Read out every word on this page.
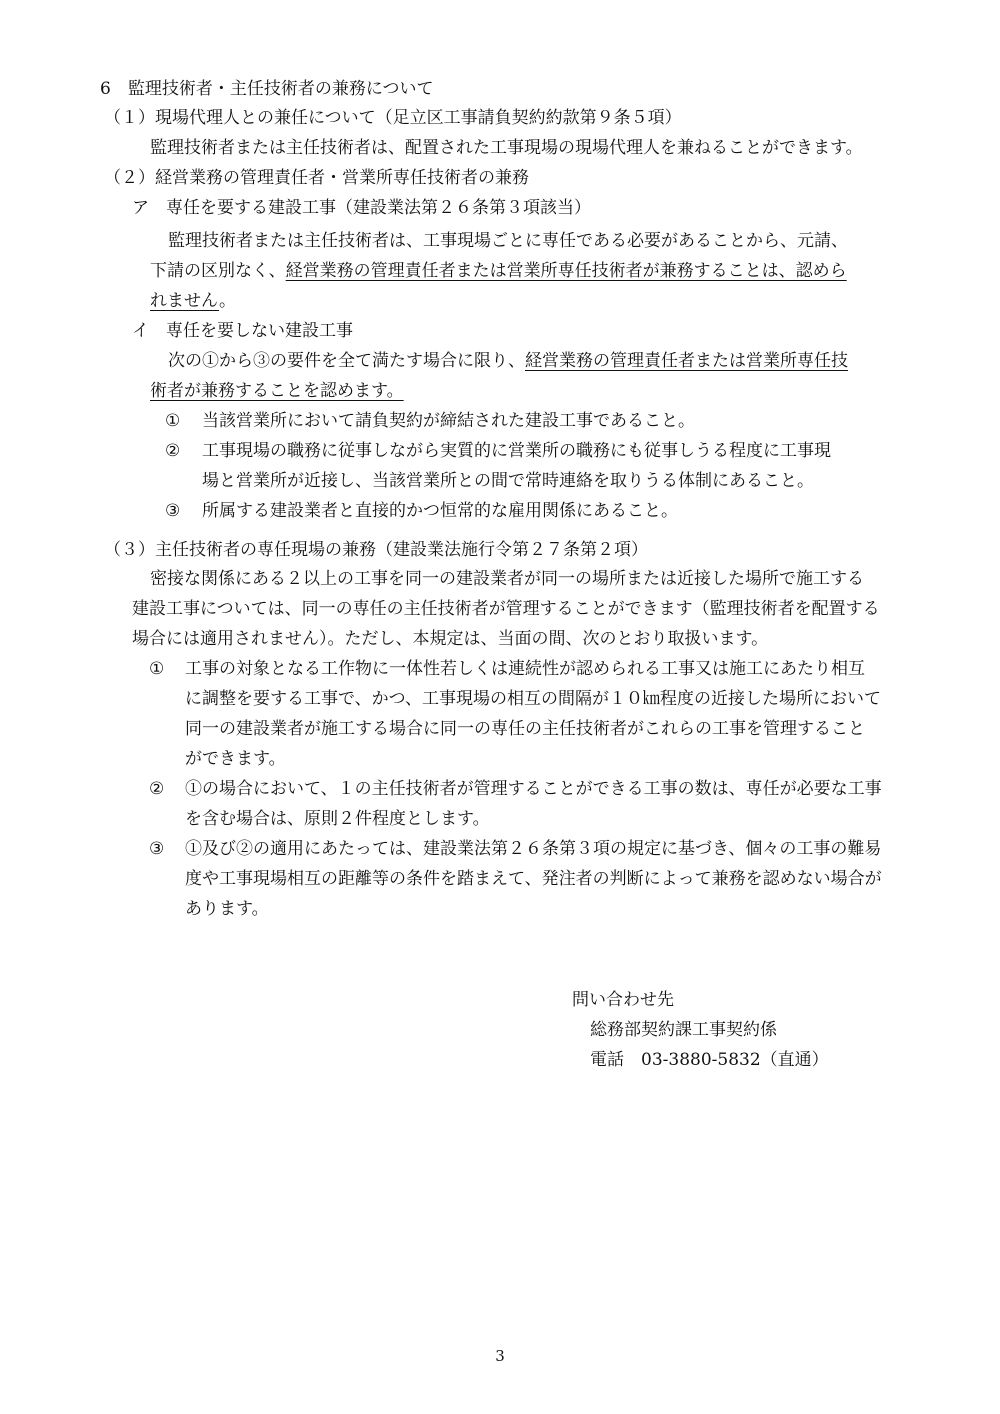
6　監理技術者・主任技術者の兼務について
（１）現場代理人との兼任について（足立区工事請負契約約款第９条５項）
監理技術者または主任技術者は、配置された工事現場の現場代理人を兼ねることができます。
（２）経営業務の管理責任者・営業所専任技術者の兼務
ア　専任を要する建設工事（建設業法第２６条第３項該当）
監理技術者または主任技術者は、工事現場ごとに専任である必要があることから、元請、
下請の区別なく、経営業務の管理責任者または営業所専任技術者が兼務することは、認めら
れません。
イ　専任を要しない建設工事
次の①から③の要件を全て満たす場合に限り、経営業務の管理責任者または営業所専任技
術者が兼務することを認めます。
① 当該営業所において請負契約が締結された建設工事であること。
② 工事現場の職務に従事しながら実質的に営業所の職務にも従事しうる程度に工事現
場と営業所が近接し、当該営業所との間で常時連絡を取りうる体制にあること。
③ 所属する建設業者と直接的かつ恒常的な雇用関係にあること。
（３）主任技術者の専任現場の兼務（建設業法施行令第２７条第２項）
密接な関係にある２以上の工事を同一の建設業者が同一の場所または近接した場所で施工する
建設工事については、同一の専任の主任技術者が管理することができます（監理技術者を配置する
場合には適用されません）。ただし、本規定は、当面の間、次のとおり取扱います。
① 工事の対象となる工作物に一体性若しくは連続性が認められる工事又は施工にあたり相互
に調整を要する工事で、かつ、工事現場の相互の間隔が１０㎞程度の近接した場所において
同一の建設業者が施工する場合に同一の専任の主任技術者がこれらの工事を管理すること
ができます。
② ①の場合において、１の主任技術者が管理することができる工事の数は、専任が必要な工事
を含む場合は、原則２件程度とします。
③ ①及び②の適用にあたっては、建設業法第２６条第３項の規定に基づき、個々の工事の難易
度や工事現場相互の距離等の条件を踏まえて、発注者の判断によって兼務を認めない場合が
あります。
問い合わせ先
総務部契約課工事契約係
電話　03-3880-5832（直通）
3
